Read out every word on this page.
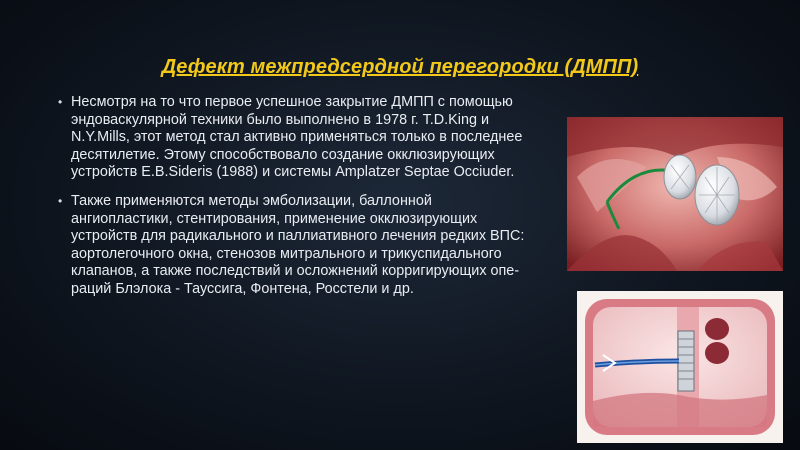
Дефект межпредсердной перегородки (ДМПП)
• Несмотря на то что первое успешное закрытие ДМПП с помощью эндоваскулярной техники было выполнено в 1978 г. T.D.King и N.Y.Mills, этот метод стал активно применяться только в последнее десятилетие. Этому способствовало создание окклюзирующих устройств E.B.Sideris (1988) и системы Amplatzer Septae Occiuder.
• Также применяются методы эмболизации, баллонной ангиопластики, стентирования, применение окклюзирующих устройств для радикального и паллиативного лечения редких ВПС: аортолегочного окна, стенозов митрального и трикуспидального клапанов, а также последствий и осложнений корригирующих опе-раций Блэлока - Тауссига, Фонтена, Росстели и др.
